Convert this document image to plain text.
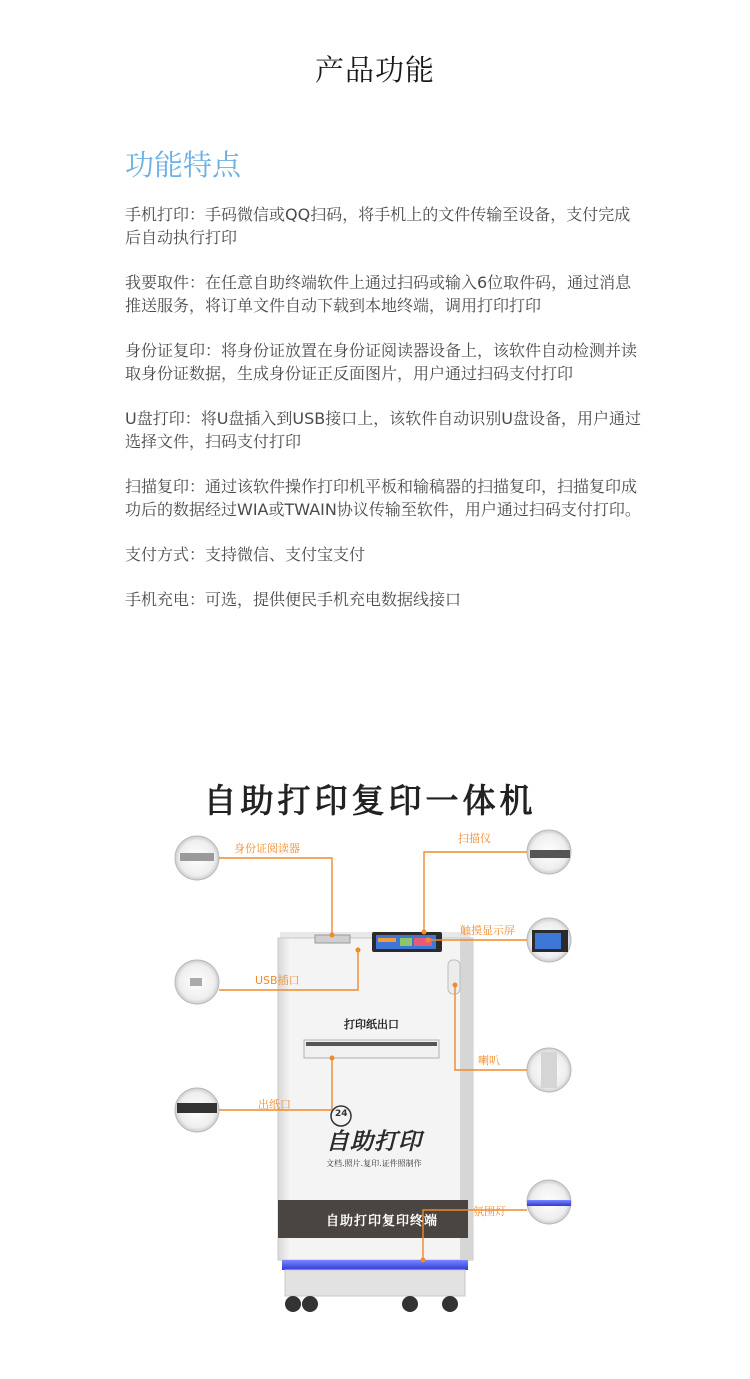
产品功能
功能特点

手机打印：手码微信或QQ扫码，将手机上的文件传输至设备，支付完成后自动执行打印

我要取件：在任意自助终端软件上通过扫码或输入6位取件码，通过消息推送服务，将订单文件自动下载到本地终端，调用打印打印

身份证复印：将身份证放置在身份证阅读器设备上，该软件自动检测并读取身份证数据，生成身份证正反面图片，用户通过扫码支付打印

U盘打印：将U盘插入到USB接口上，该软件自动识别U盘设备，用户通过选择文件，扫码支付打印

扫描复印：通过该软件操作打印机平板和输稿器的扫描复印，扫描复印成功后的数据经过WIA或TWAIN协议传输至软件，用户通过扫码支付打印。

支付方式：支持微信、支付宝支付

手机充电：可选，提供便民手机充电数据线接口

自助打印复印一体机
身份证阅读器
USB插口
出纸口
扫描仪
触摸显示屏
喇叭
氛围灯
打印纸出口
24
自助打印
文档.照片.复印.证件照制作
自助打印复印终端
